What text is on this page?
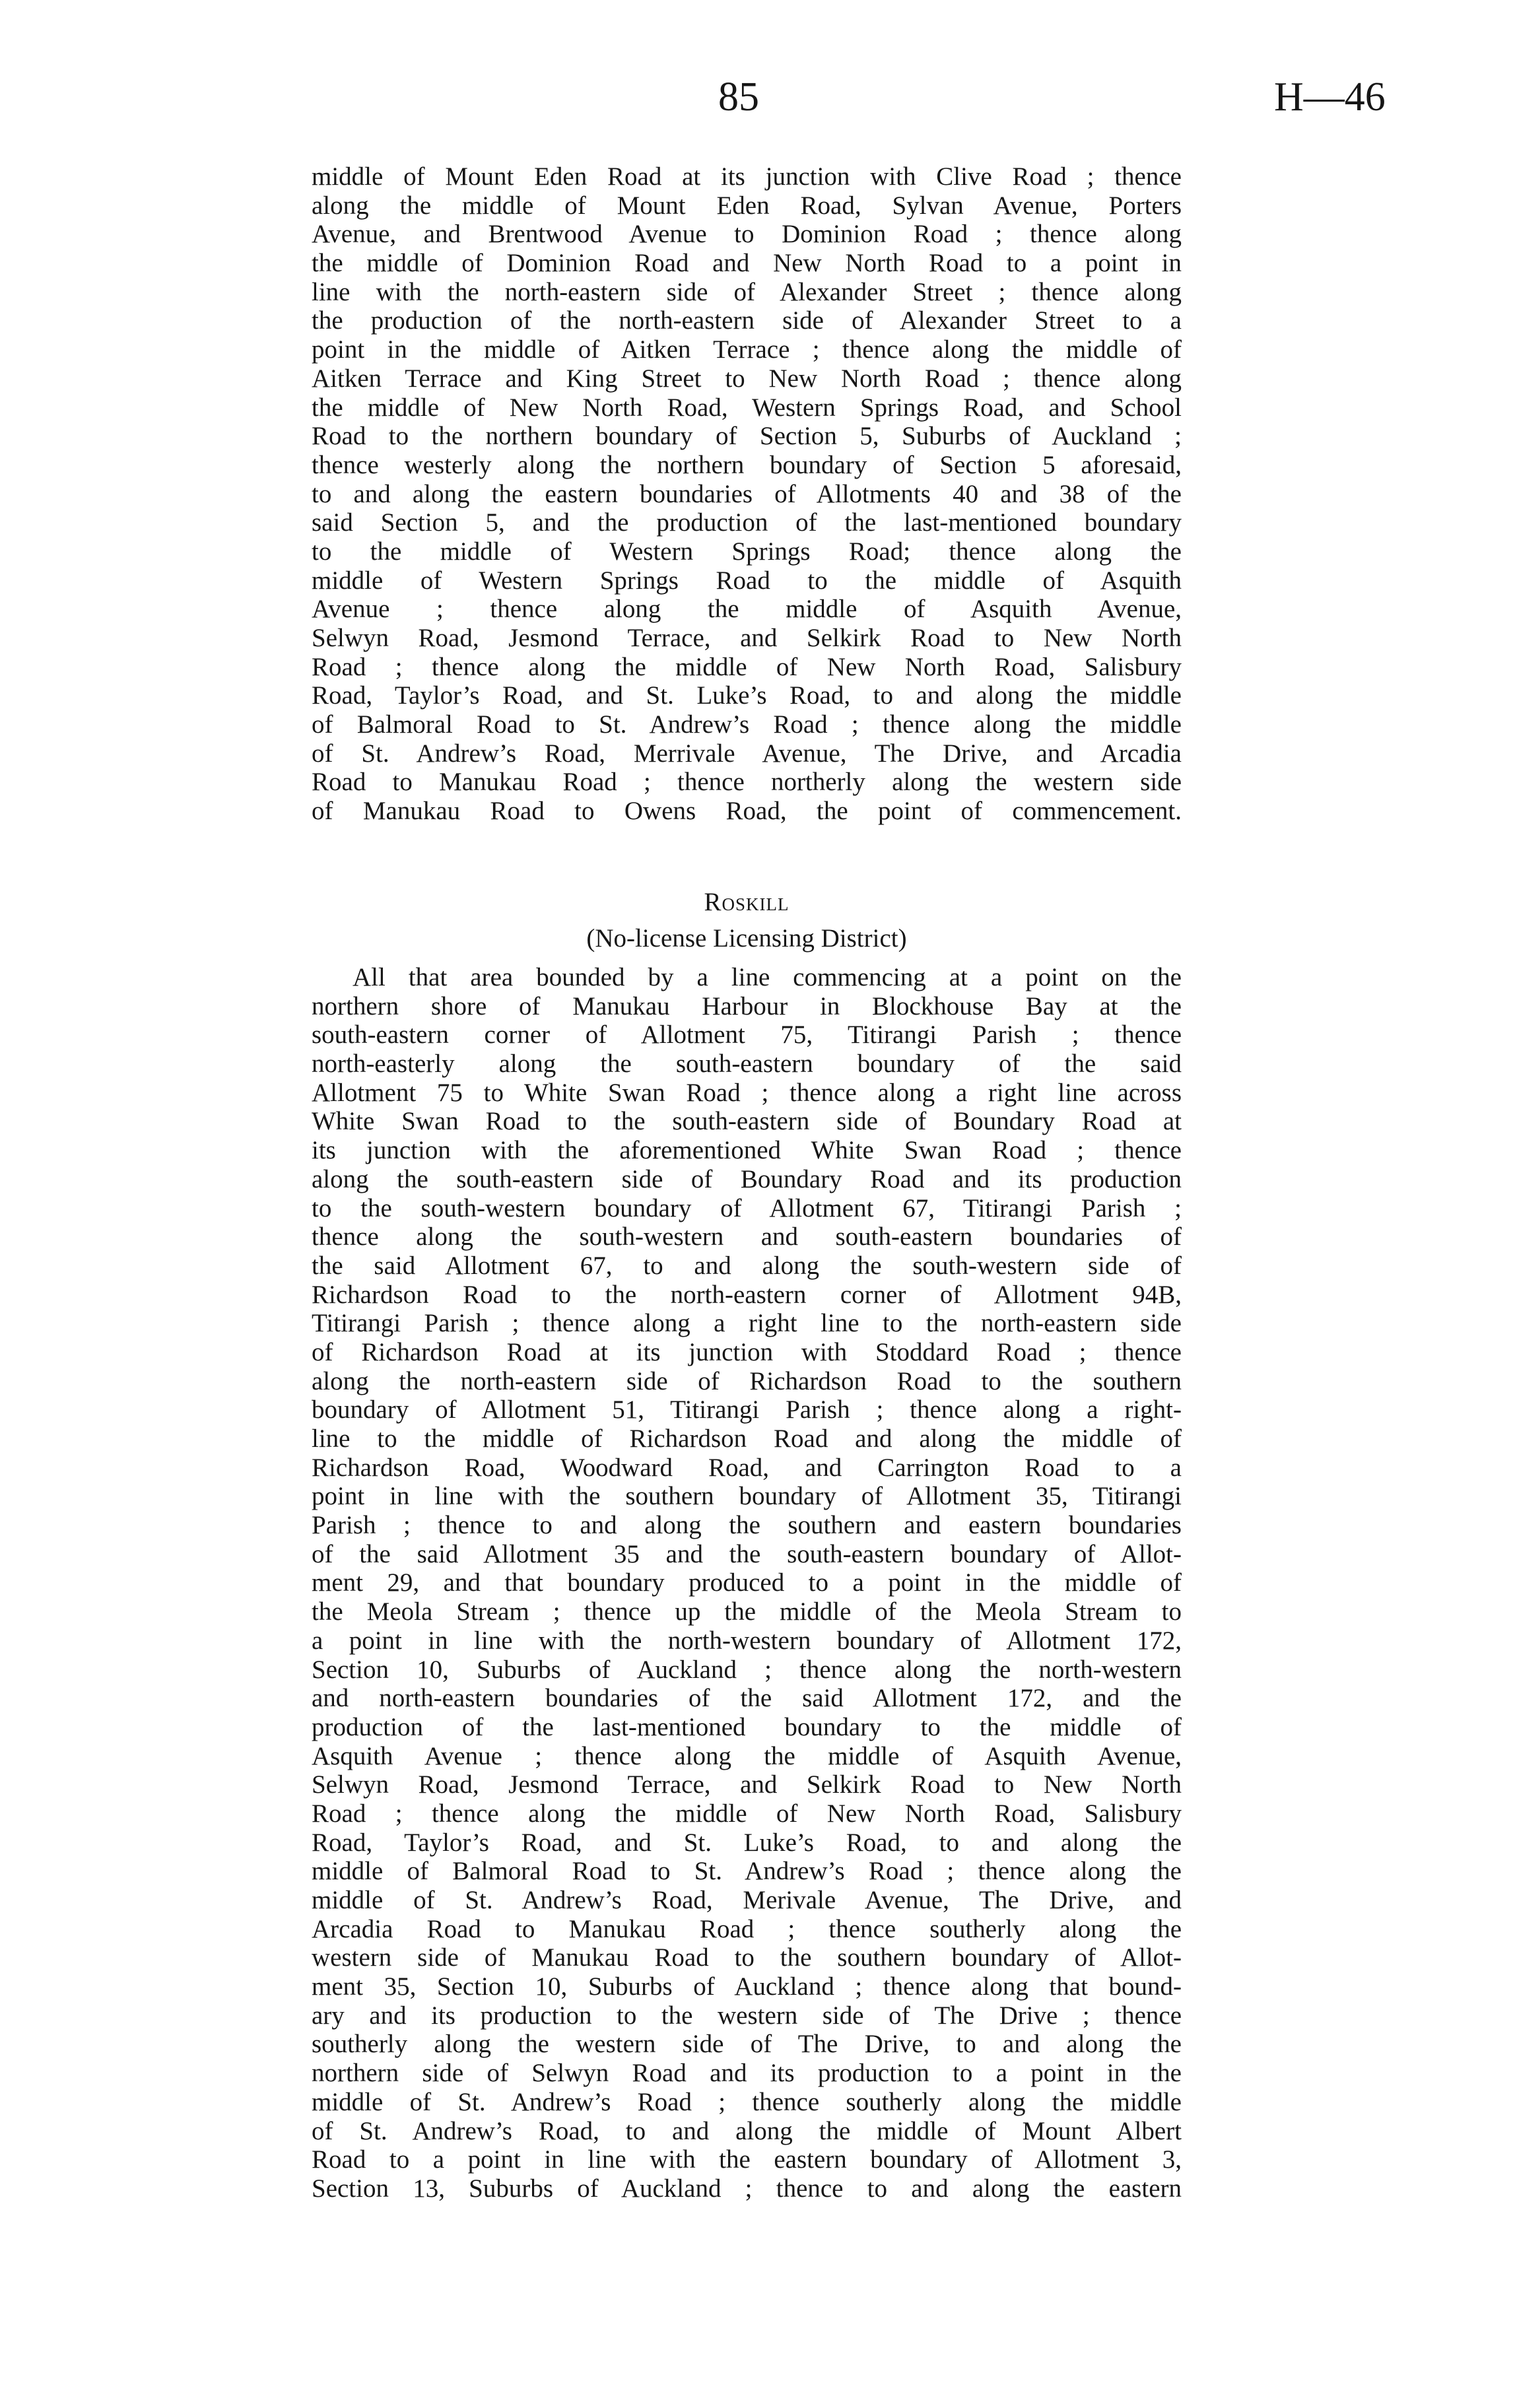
85	H—46
middle of Mount Eden Road at its junction with Clive Road ; thence
along the middle of Mount Eden Road, Sylvan Avenue, Porters
Avenue, and Brentwood Avenue to Dominion Road ; thence along
the middle of Dominion Road and New North Road to a point in
line with the north-eastern side of Alexander Street ; thence along
the production of the north-eastern side of Alexander Street to a
point in the middle of Aitken Terrace ; thence along the middle of
Aitken Terrace and King Street to New North Road ; thence along
the middle of New North Road, Western Springs Road, and School
Road to the northern boundary of Section 5, Suburbs of Auckland ;
thence westerly along the northern boundary of Section 5 aforesaid,
to and along the eastern boundaries of Allotments 40 and 38 of the
said Section 5, and the production of the last-mentioned boundary
to the middle of Western Springs Road; thence along the
middle of Western Springs Road to the middle of Asquith
Avenue ; thence along the middle of Asquith Avenue,
Selwyn Road, Jesmond Terrace, and Selkirk Road to New North
Road ; thence along the middle of New North Road, Salisbury
Road, Taylor’s Road, and St. Luke’s Road, to and along the middle
of Balmoral Road to St. Andrew’s Road ; thence along the middle
of St. Andrew’s Road, Merrivale Avenue, The Drive, and Arcadia
Road to Manukau Road ; thence northerly along the western side
of Manukau Road to Owens Road, the point of commencement.
Roskill
(No-license Licensing District)
All that area bounded by a line commencing at a point on the
northern shore of Manukau Harbour in Blockhouse Bay at the
south-eastern corner of Allotment 75, Titirangi Parish ; thence
north-easterly along the south-eastern boundary of the said
Allotment 75 to White Swan Road ; thence along a right line across
White Swan Road to the south-eastern side of Boundary Road at
its junction with the aforementioned White Swan Road ; thence
along the south-eastern side of Boundary Road and its production
to the south-western boundary of Allotment 67, Titirangi Parish ;
thence along the south-western and south-eastern boundaries of
the said Allotment 67, to and along the south-western side of
Richardson Road to the north-eastern corner of Allotment 94B,
Titirangi Parish ; thence along a right line to the north-eastern side
of Richardson Road at its junction with Stoddard Road ; thence
along the north-eastern side of Richardson Road to the southern
boundary of Allotment 51, Titirangi Parish ; thence along a right-
line to the middle of Richardson Road and along the middle of
Richardson Road, Woodward Road, and Carrington Road to a
point in line with the southern boundary of Allotment 35, Titirangi
Parish ; thence to and along the southern and eastern boundaries
of the said Allotment 35 and the south-eastern boundary of Allot-
ment 29, and that boundary produced to a point in the middle of
the Meola Stream ; thence up the middle of the Meola Stream to
a point in line with the north-western boundary of Allotment 172,
Section 10, Suburbs of Auckland ; thence along the north-western
and north-eastern boundaries of the said Allotment 172, and the
production of the last-mentioned boundary to the middle of
Asquith Avenue ; thence along the middle of Asquith Avenue,
Selwyn Road, Jesmond Terrace, and Selkirk Road to New North
Road ; thence along the middle of New North Road, Salisbury
Road, Taylor’s Road, and St. Luke’s Road, to and along the
middle of Balmoral Road to St. Andrew’s Road ; thence along the
middle of St. Andrew’s Road, Merivale Avenue, The Drive, and
Arcadia Road to Manukau Road ; thence southerly along the
western side of Manukau Road to the southern boundary of Allot-
ment 35, Section 10, Suburbs of Auckland ; thence along that bound-
ary and its production to the western side of The Drive ; thence
southerly along the western side of The Drive, to and along the
northern side of Selwyn Road and its production to a point in the
middle of St. Andrew’s Road ; thence southerly along the middle
of St. Andrew’s Road, to and along the middle of Mount Albert
Road to a point in line with the eastern boundary of Allotment 3,
Section 13, Suburbs of Auckland ; thence to and along the eastern
